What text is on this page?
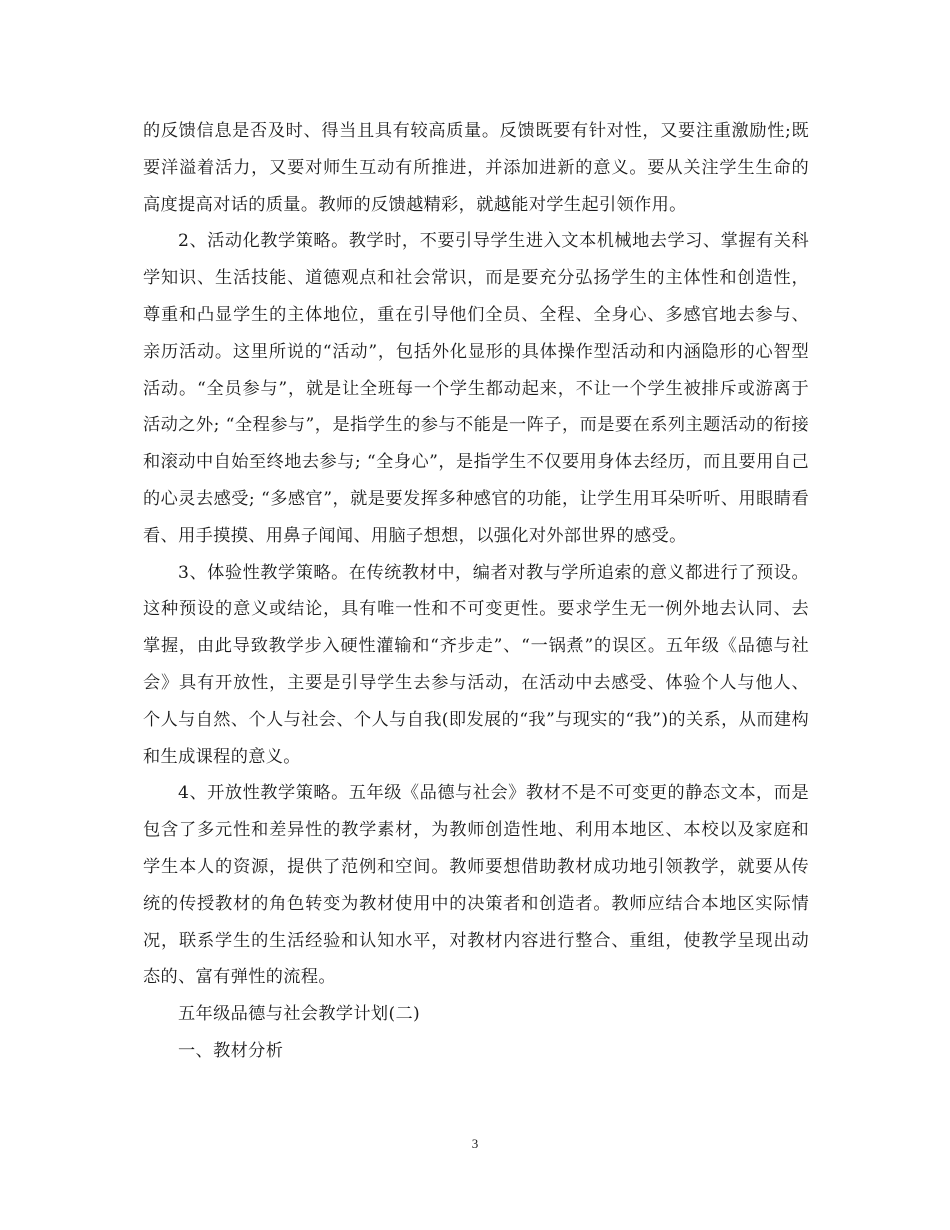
的反馈信息是否及时、得当且具有较高质量。反馈既要有针对性，又要注重激励性;既要洋溢着活力，又要对师生互动有所推进，并添加进新的意义。要从关注学生生命的高度提高对话的质量。教师的反馈越精彩，就越能对学生起引领作用。

2、活动化教学策略。教学时，不要引导学生进入文本机械地去学习、掌握有关科学知识、生活技能、道德观点和社会常识，而是要充分弘扬学生的主体性和创造性，尊重和凸显学生的主体地位，重在引导他们全员、全程、全身心、多感官地去参与、亲历活动。这里所说的“活动”，包括外化显形的具体操作型活动和内涵隐形的心智型活动。“全员参与”，就是让全班每一个学生都动起来，不让一个学生被排斥或游离于活动之外; “全程参与”，是指学生的参与不能是一阵子，而是要在系列主题活动的衔接和滚动中自始至终地去参与; “全身心”，是指学生不仅要用身体去经历，而且要用自己的心灵去感受; “多感官”，就是要发挥多种感官的功能，让学生用耳朵听听、用眼睛看看、用手摸摸、用鼻子闻闻、用脑子想想，以强化对外部世界的感受。

3、体验性教学策略。在传统教材中，编者对教与学所追索的意义都进行了预设。这种预设的意义或结论，具有唯一性和不可变更性。要求学生无一例外地去认同、去掌握，由此导致教学步入硬性灌输和“齐步走”、“一锅煮”的误区。五年级《品德与社会》具有开放性，主要是引导学生去参与活动，在活动中去感受、体验个人与他人、个人与自然、个人与社会、个人与自我(即发展的“我”与现实的“我”)的关系，从而建构和生成课程的意义。

4、开放性教学策略。五年级《品德与社会》教材不是不可变更的静态文本，而是包含了多元性和差异性的教学素材，为教师创造性地、利用本地区、本校以及家庭和学生本人的资源，提供了范例和空间。教师要想借助教材成功地引领教学，就要从传统的传授教材的角色转变为教材使用中的决策者和创造者。教师应结合本地区实际情况，联系学生的生活经验和认知水平，对教材内容进行整合、重组，使教学呈现出动态的、富有弹性的流程。

五年级品德与社会教学计划(二)

一、教材分析

3
